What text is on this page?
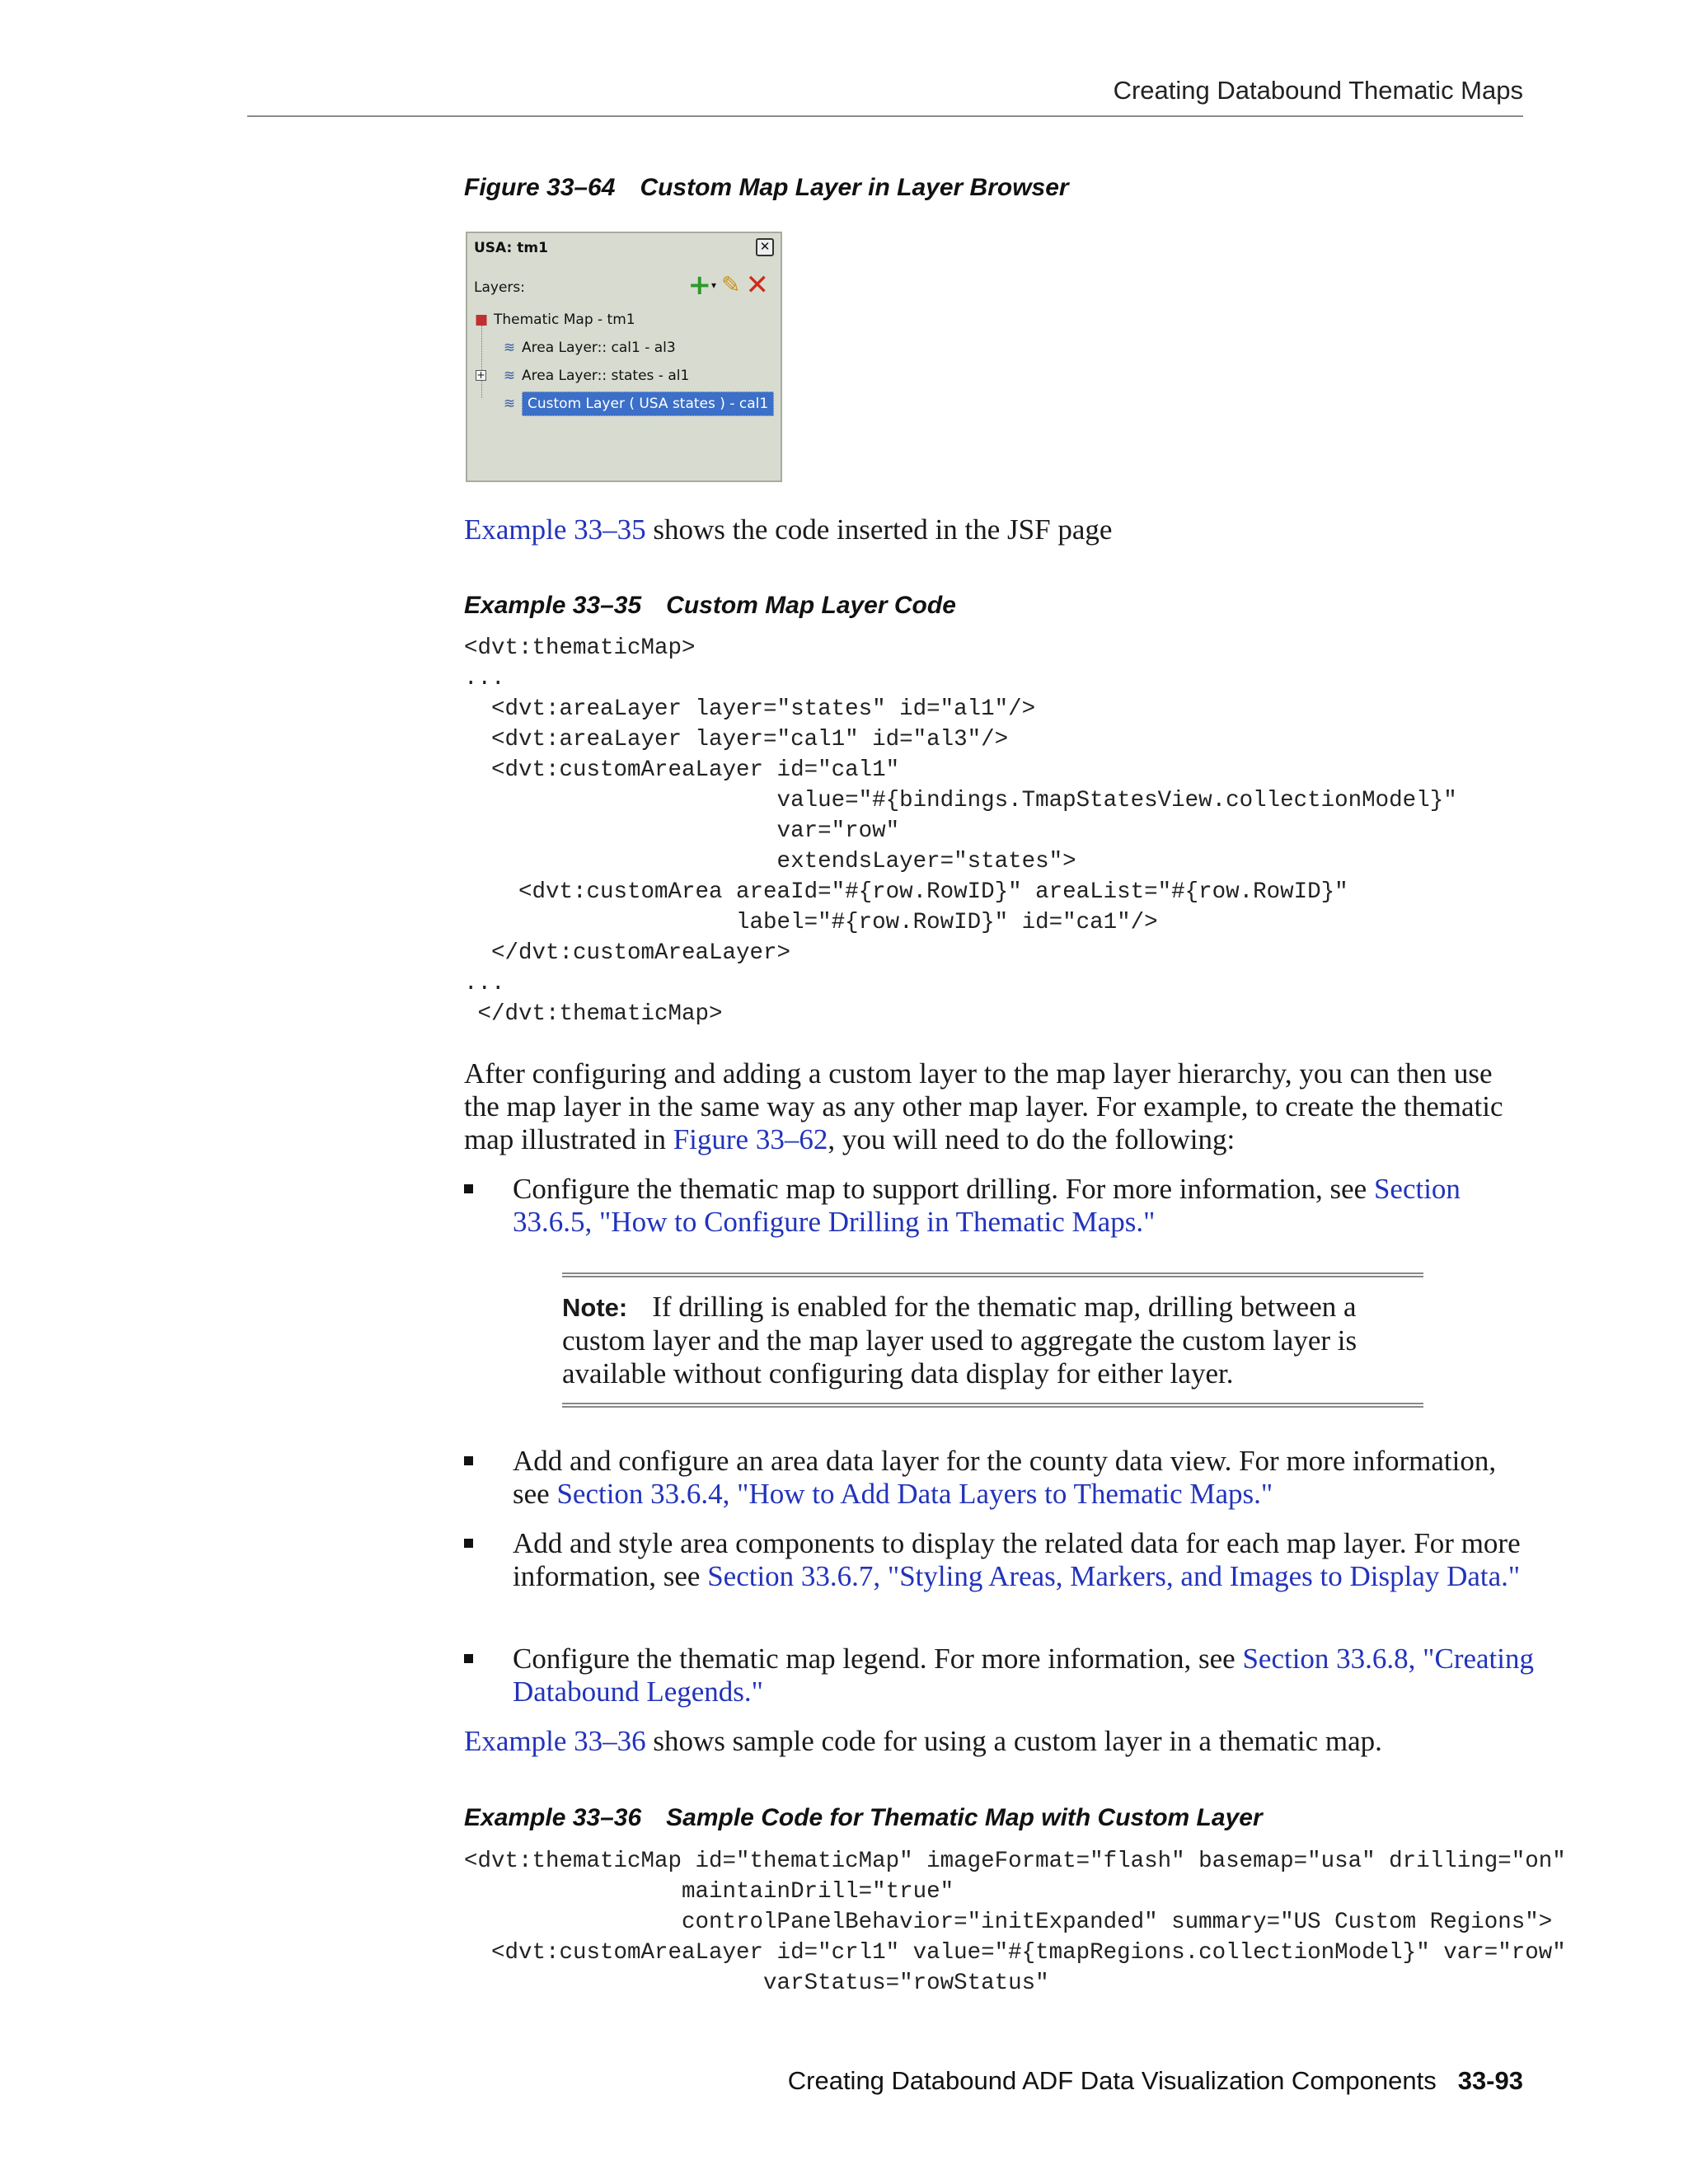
Creating Databound Thematic Maps
Figure 33–64 Custom Map Layer in Layer Browser
USA: tm1	✕
Layers:	+ ▾ ✎ ✕
■ Thematic Map - tm1
≋ Area Layer:: cal1 - al3
+ ≋ Area Layer:: states - al1
≋ Custom Layer ( USA states ) - cal1
Example 33–35 shows the code inserted in the JSF page
Example 33–35 Custom Map Layer Code
<dvt:thematicMap>
...
<dvt:areaLayer layer="states" id="al1"/>
<dvt:areaLayer layer="cal1" id="al3"/>
<dvt:customAreaLayer id="cal1"
value="#{bindings.TmapStatesView.collectionModel}"
var="row"
extendsLayer="states">
<dvt:customArea areaId="#{row.RowID}" areaList="#{row.RowID}"
label="#{row.RowID}" id="ca1"/>
</dvt:customAreaLayer>
...
</dvt:thematicMap>
After configuring and adding a custom layer to the map layer hierarchy, you can then use the map layer in the same way as any other map layer. For example, to create the thematic map illustrated in Figure 33–62, you will need to do the following:
Configure the thematic map to support drilling. For more information, see Section 33.6.5, "How to Configure Drilling in Thematic Maps."
Note: If drilling is enabled for the thematic map, drilling between a custom layer and the map layer used to aggregate the custom layer is available without configuring data display for either layer.
Add and configure an area data layer for the county data view. For more information, see Section 33.6.4, "How to Add Data Layers to Thematic Maps."
Add and style area components to display the related data for each map layer. For more information, see Section 33.6.7, "Styling Areas, Markers, and Images to Display Data."
Configure the thematic map legend. For more information, see Section 33.6.8, "Creating Databound Legends."
Example 33–36 shows sample code for using a custom layer in a thematic map.
Example 33–36 Sample Code for Thematic Map with Custom Layer
<dvt:thematicMap id="thematicMap" imageFormat="flash" basemap="usa" drilling="on"
maintainDrill="true"
controlPanelBehavior="initExpanded" summary="US Custom Regions">
<dvt:customAreaLayer id="crl1" value="#{tmapRegions.collectionModel}" var="row"
varStatus="rowStatus"
Creating Databound ADF Data Visualization Components 33-93
